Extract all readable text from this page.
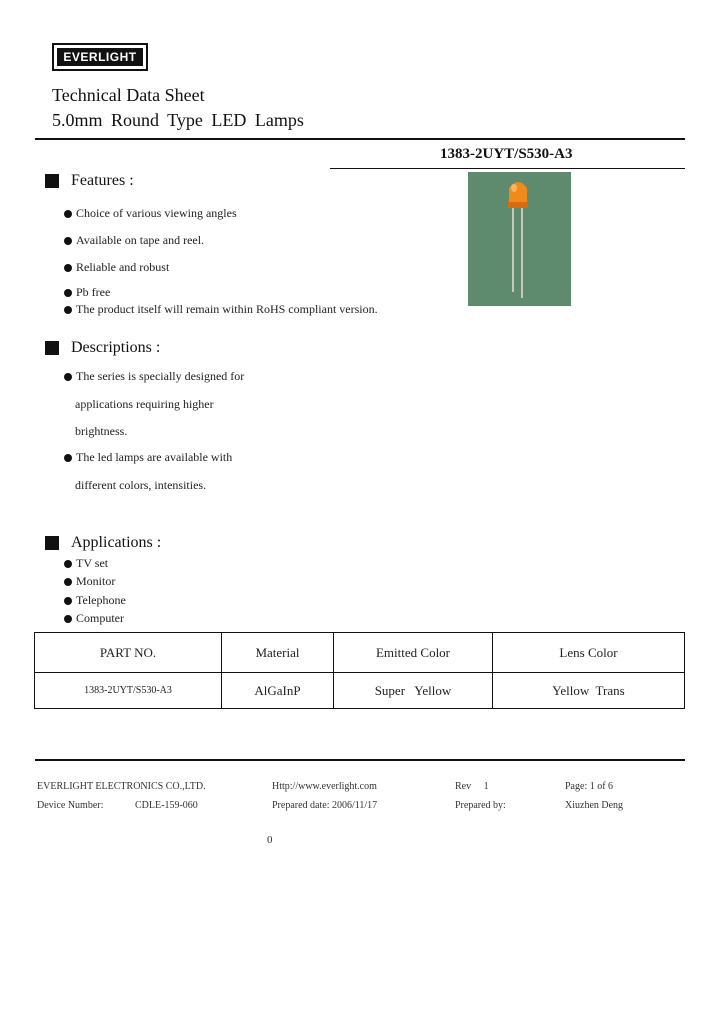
EVERLIGHT
Technical Data Sheet
5.0mm Round Type LED Lamps
1383-2UYT/S530-A3
Features :
Choice of various viewing angles
Available on tape and reel.
Reliable and robust
Pb free
The product itself will remain within RoHS compliant version.
Descriptions :
The series is specially designed for
applications requiring higher
brightness.
The led lamps are available with
different colors, intensities.
Applications :
TV set
Monitor
Telephone
Computer
PART NO.	Material	Emitted Color	Lens Color
1383-2UYT/S530-A3	AlGaInP	Super   Yellow	Yellow  Trans
EVERLIGHT ELECTRONICS CO.,LTD.	Http://www.everlight.com	Rev     1	Page: 1 of 6
Device Number:	CDLE-159-060	Prepared date: 2006/11/17	Prepared by:	Xiuzhen Deng
0
